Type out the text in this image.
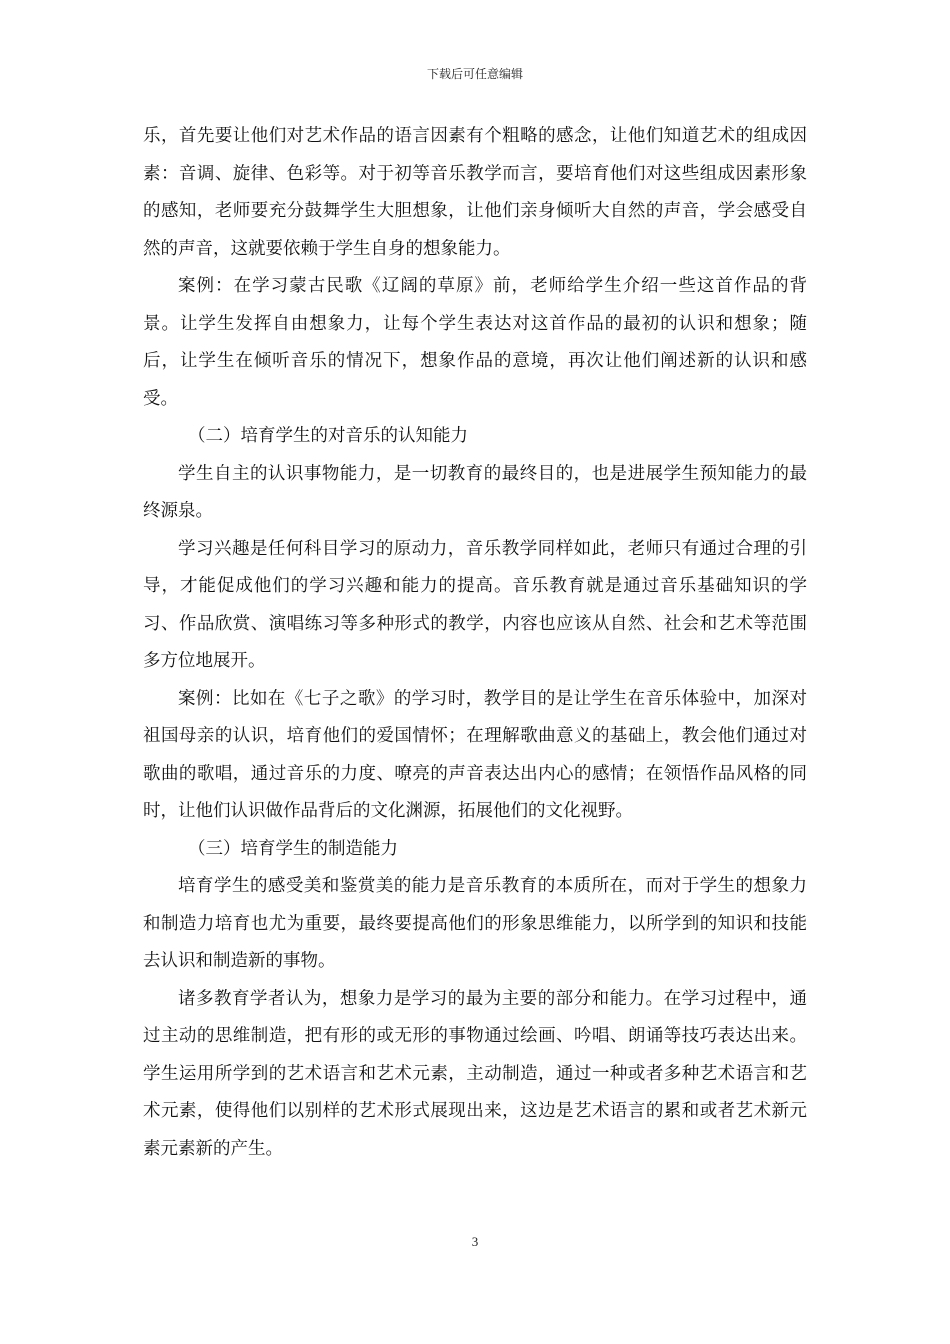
下载后可任意编辑

乐，首先要让他们对艺术作品的语言因素有个粗略的感念，让他们知道艺术的组成因素：音调、旋律、色彩等。对于初等音乐教学而言，要培育他们对这些组成因素形象的感知，老师要充分鼓舞学生大胆想象，让他们亲身倾听大自然的声音，学会感受自然的声音，这就要依赖于学生自身的想象能力。

案例：在学习蒙古民歌《辽阔的草原》前，老师给学生介绍一些这首作品的背景。让学生发挥自由想象力，让每个学生表达对这首作品的最初的认识和想象；随后，让学生在倾听音乐的情况下，想象作品的意境，再次让他们阐述新的认识和感受。

（二）培育学生的对音乐的认知能力

学生自主的认识事物能力，是一切教育的最终目的，也是进展学生预知能力的最终源泉。

学习兴趣是任何科目学习的原动力，音乐教学同样如此，老师只有通过合理的引导，才能促成他们的学习兴趣和能力的提高。音乐教育就是通过音乐基础知识的学习、作品欣赏、演唱练习等多种形式的教学，内容也应该从自然、社会和艺术等范围多方位地展开。

案例：比如在《七子之歌》的学习时，教学目的是让学生在音乐体验中，加深对祖国母亲的认识，培育他们的爱国情怀；在理解歌曲意义的基础上，教会他们通过对歌曲的歌唱，通过音乐的力度、嘹亮的声音表达出内心的感情；在领悟作品风格的同时，让他们认识做作品背后的文化渊源，拓展他们的文化视野。

（三）培育学生的制造能力

培育学生的感受美和鉴赏美的能力是音乐教育的本质所在，而对于学生的想象力和制造力培育也尤为重要，最终要提高他们的形象思维能力，以所学到的知识和技能去认识和制造新的事物。

诸多教育学者认为，想象力是学习的最为主要的部分和能力。在学习过程中，通过主动的思维制造，把有形的或无形的事物通过绘画、吟唱、朗诵等技巧表达出来。学生运用所学到的艺术语言和艺术元素，主动制造，通过一种或者多种艺术语言和艺术元素，使得他们以别样的艺术形式展现出来，这边是艺术语言的累和或者艺术新元素元素新的产生。

3
